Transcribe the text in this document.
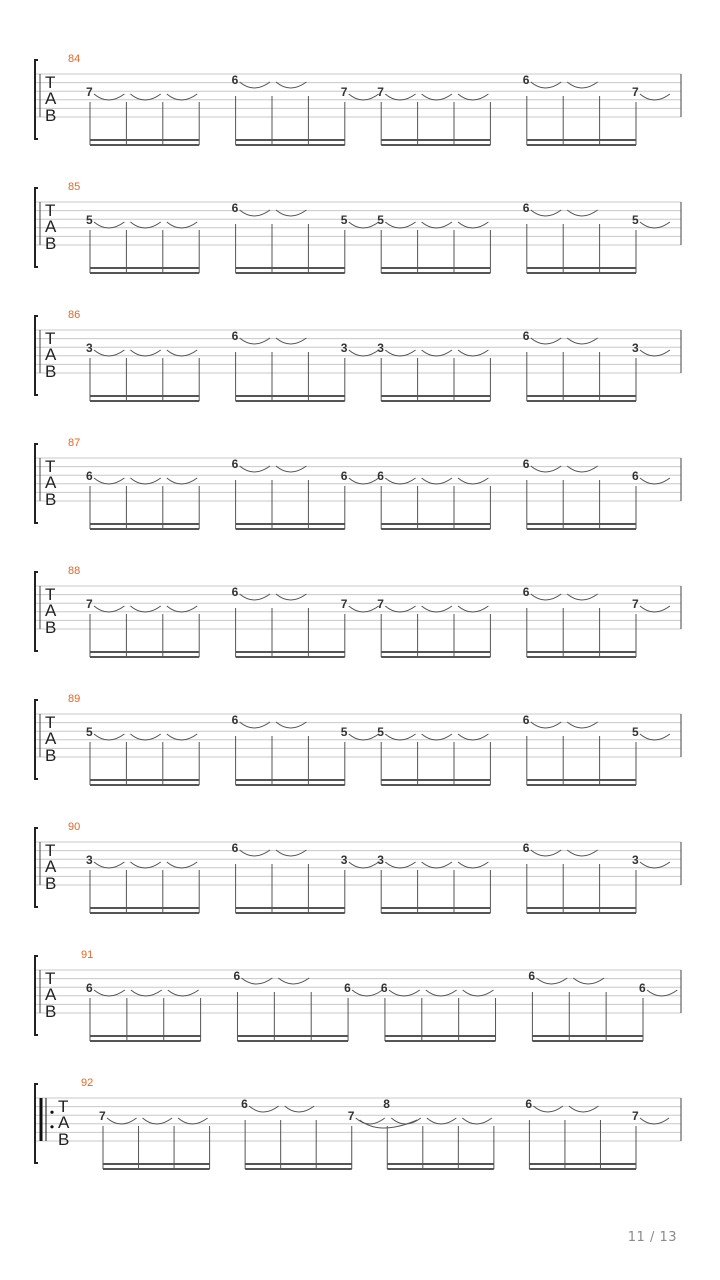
T
A
B
84
7
6
7 7
6
7
T
A
B
85
5
6
5 5
6
5
T
A
B
86
3
6
3 3
6
3
T
A
B
87
6
6
6 6
6
6
T
A
B
88
7
6
7 7
6
7
T
A
B
89
5
6
5 5
6
5
T
A
B
90
3
6
3 3
6
3
T
A
B
91
6
6
6	6
6
6
T
A
B
92
7
6
7
8	6
7
11 / 13
